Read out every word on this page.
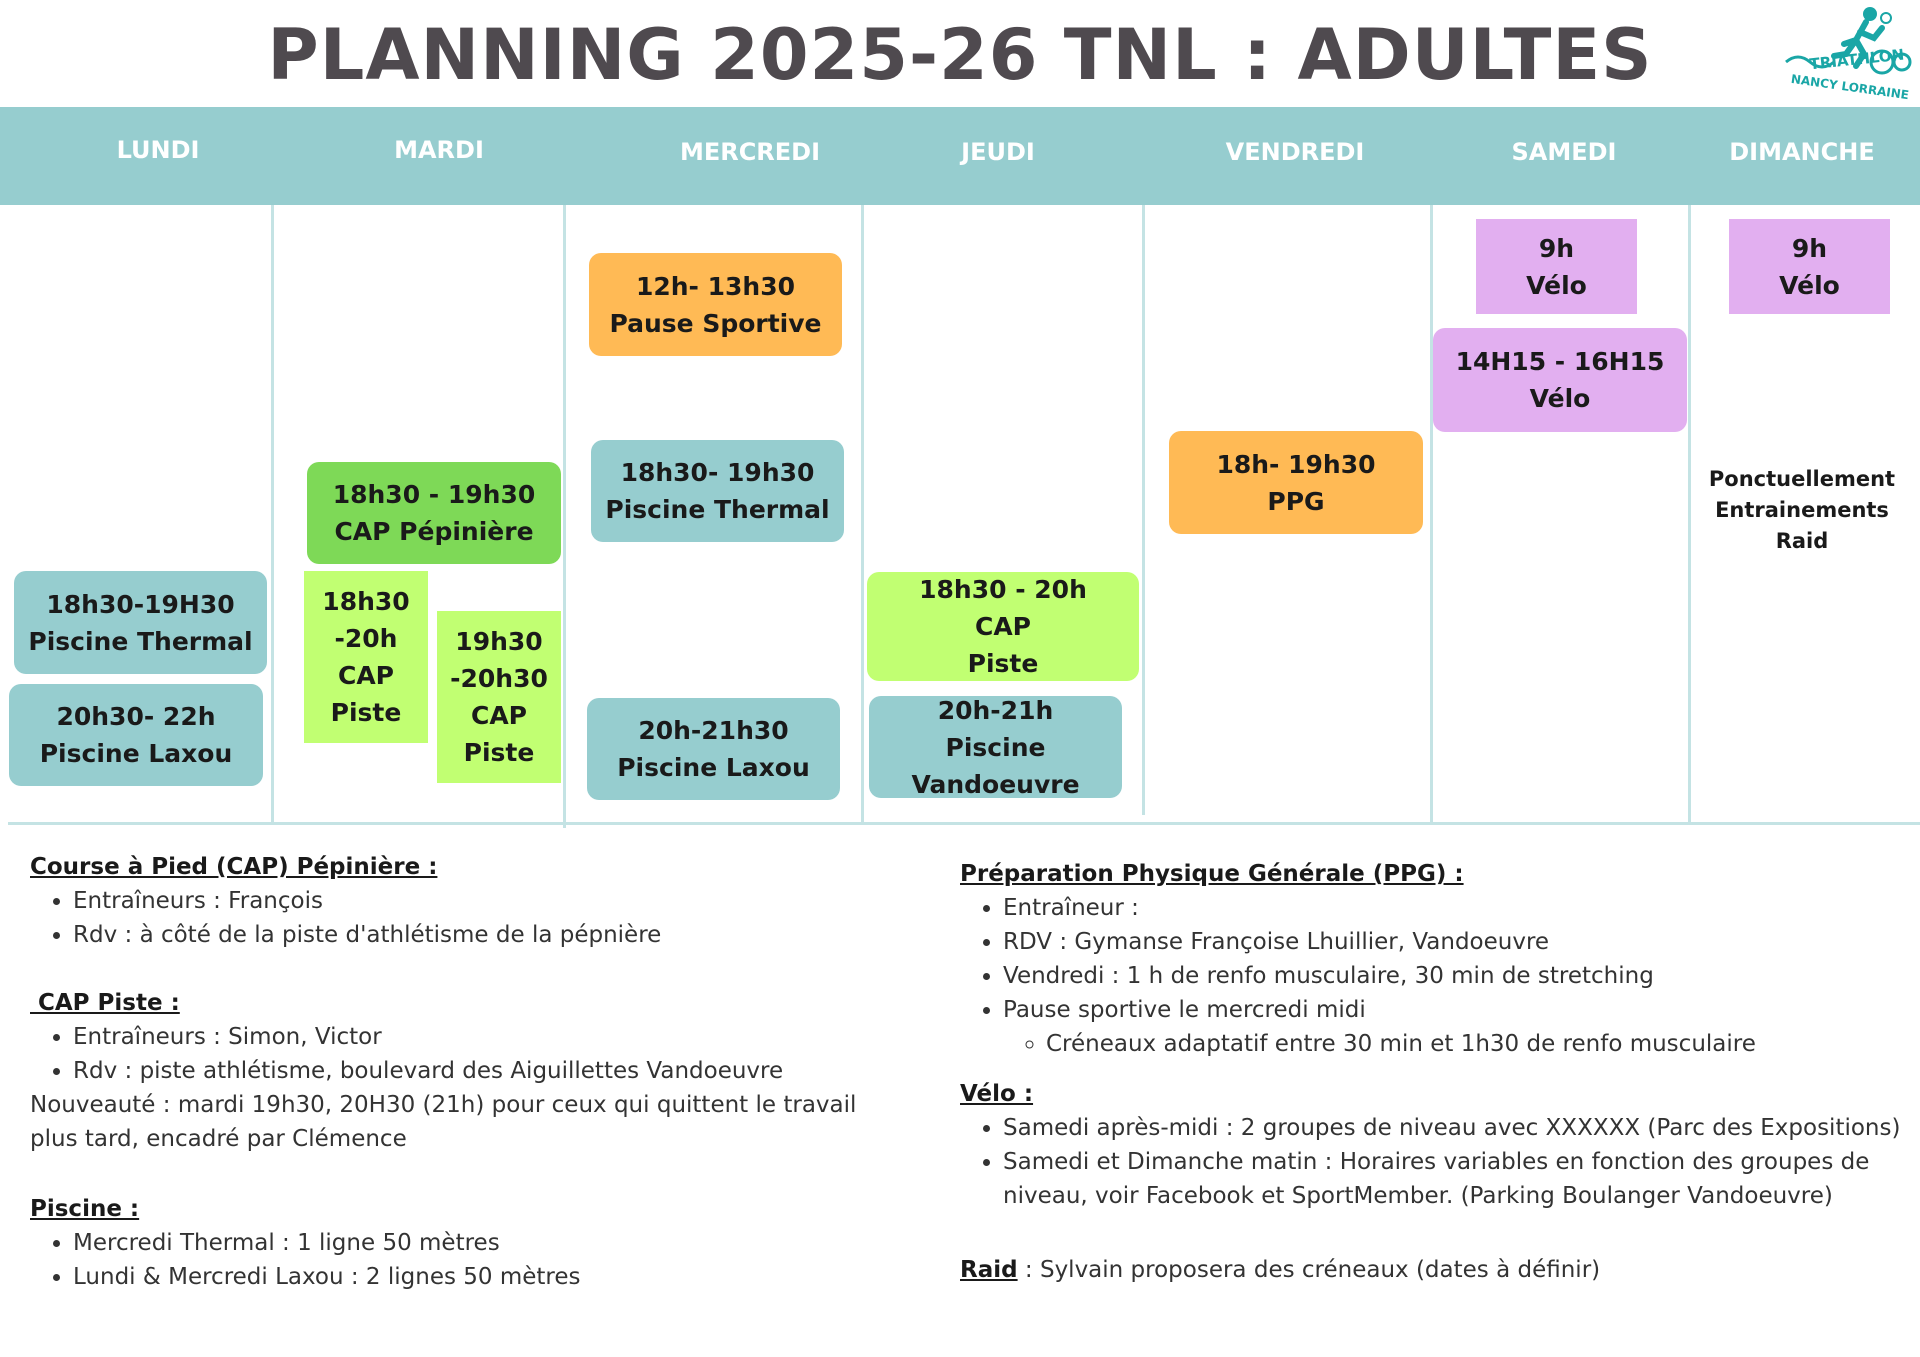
PLANNING 2025-26 TNL : ADULTES	TRIATHLON
NANCY LORRAINE
LUNDI	MARDI	MERCREDI	JEUDI	VENDREDI	SAMEDI	DIMANCHE
18h30-19H30
Piscine Thermal
20h30- 22h
Piscine Laxou
18h30 - 19h30
CAP Pépinière
18h30
-20h
CAP
Piste
19h30
-20h30
CAP
Piste
12h- 13h30
Pause Sportive
18h30- 19h30
Piscine Thermal
20h-21h30
Piscine Laxou
18h30 - 20h
CAP
Piste
20h-21h
Piscine
Vandoeuvre
18h- 19h30
PPG
9h
Vélo
14H15 - 16H15
Vélo
9h
Vélo
Ponctuellement
Entrainements
Raid
Course à Pied (CAP) Pépinière :
• Entraîneurs : François
• Rdv : à côté de la piste d'athlétisme de la pépnière
CAP Piste :
• Entraîneurs : Simon, Victor
• Rdv : piste athlétisme, boulevard des Aiguillettes Vandoeuvre

Nouveauté : mardi 19h30, 20H30 (21h) pour ceux qui quittent le travail plus tard, encadré par Clémence

Piscine :
• Mercredi Thermal : 1 ligne 50 mètres
• Lundi & Mercredi Laxou : 2 lignes 50 mètres
Préparation Physique Générale (PPG) :
• Entraîneur :
• RDV : Gymanse Françoise Lhuillier, Vandoeuvre
• Vendredi : 1 h de renfo musculaire, 30 min de stretching
• Pause sportive le mercredi midi
◦ Créneaux adaptatif entre 30 min et 1h30 de renfo musculaire
Vélo :
• Samedi après-midi : 2 groupes de niveau avec XXXXXX (Parc des Expositions)
• Samedi et Dimanche matin : Horaires variables en fonction des groupes de niveau, voir Facebook et SportMember. (Parking Boulanger Vandoeuvre)
Raid : Sylvain proposera des créneaux (dates à définir)
